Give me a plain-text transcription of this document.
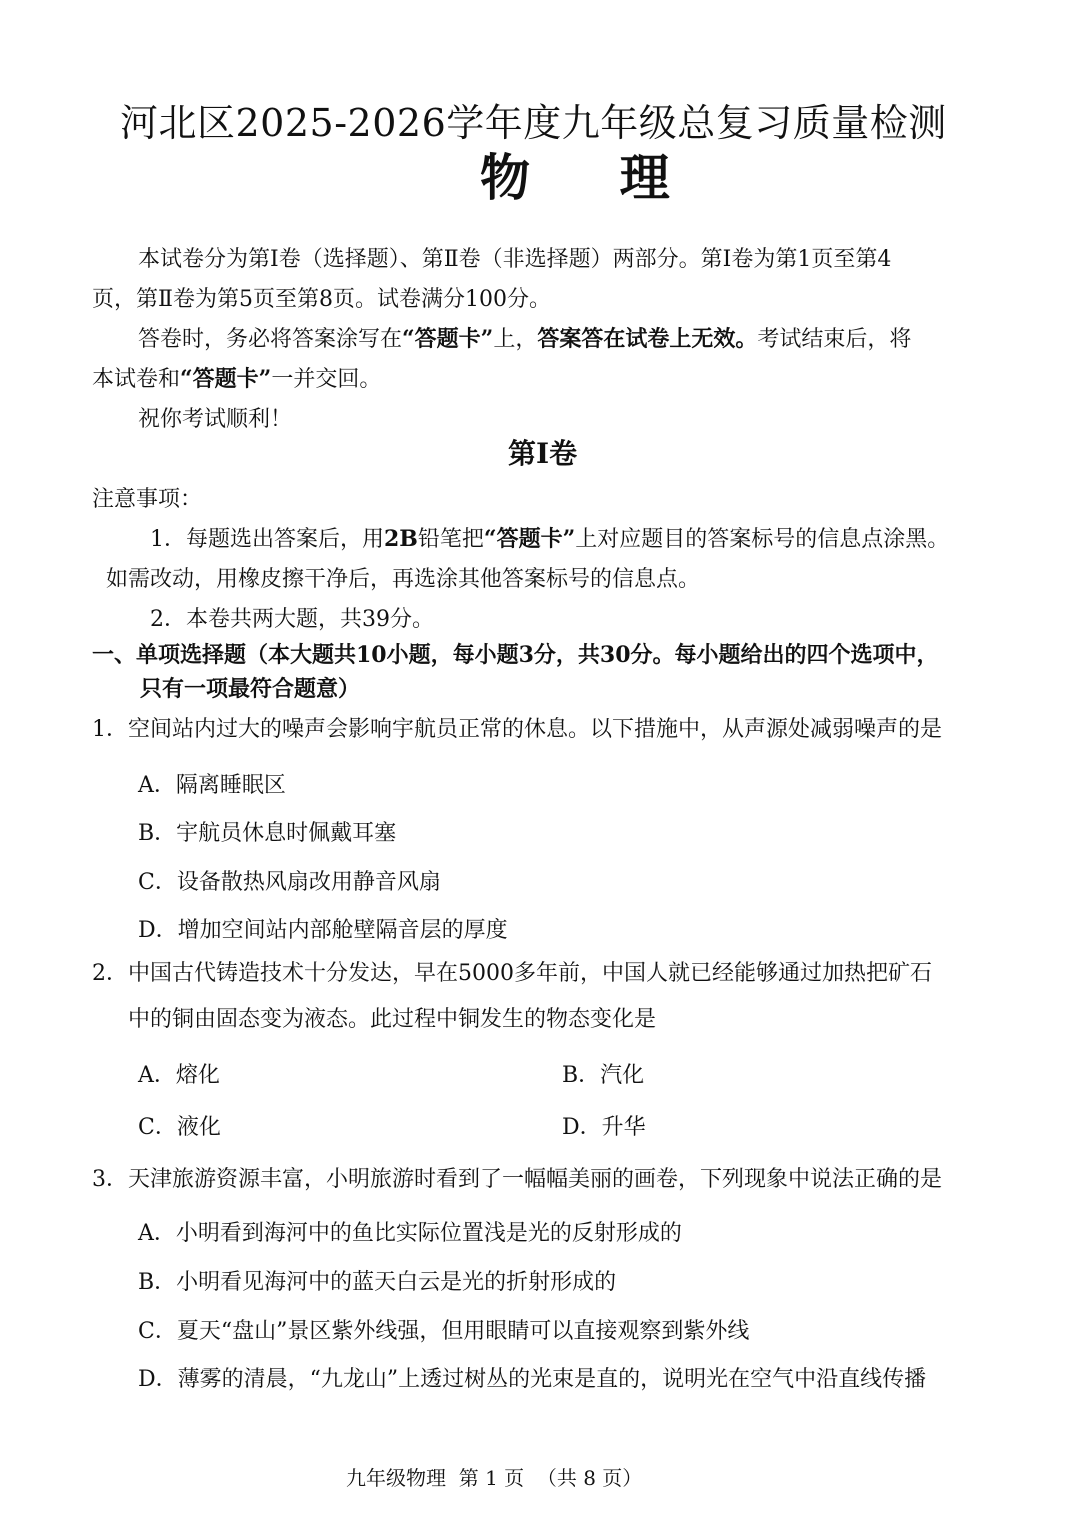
河北区2025-2026学年度九年级总复习质量检测
物    理
本试卷分为第Ⅰ卷（选择题）、第Ⅱ卷（非选择题）两部分。第Ⅰ卷为第1页至第4
页，第Ⅱ卷为第5页至第8页。试卷满分100分。
答卷时，务必将答案涂写在“答题卡”上，答案答在试卷上无效。考试结束后，将
本试卷和“答题卡”一并交回。
祝你考试顺利！
第Ⅰ卷
注意事项：
1．每题选出答案后，用2B铅笔把“答题卡”上对应题目的答案标号的信息点涂黑。
如需改动，用橡皮擦干净后，再选涂其他答案标号的信息点。
2．本卷共两大题，共39分。
一、单项选择题（本大题共10小题，每小题3分，共30分。每小题给出的四个选项中，
只有一项最符合题意）
1．空间站内过大的噪声会影响宇航员正常的休息。以下措施中，从声源处减弱噪声的是
A．隔离睡眠区
B．宇航员休息时佩戴耳塞
C．设备散热风扇改用静音风扇
D．增加空间站内部舱壁隔音层的厚度
2．中国古代铸造技术十分发达，早在5000多年前，中国人就已经能够通过加热把矿石
中的铜由固态变为液态。此过程中铜发生的物态变化是
A．熔化	B．汽化
C．液化	D．升华
3．天津旅游资源丰富，小明旅游时看到了一幅幅美丽的画卷，下列现象中说法正确的是
A．小明看到海河中的鱼比实际位置浅是光的反射形成的
B．小明看见海河中的蓝天白云是光的折射形成的
C．夏天“盘山”景区紫外线强，但用眼睛可以直接观察到紫外线
D．薄雾的清晨，“九龙山”上透过树丛的光束是直的，说明光在空气中沿直线传播
九年级物理  第 1 页  （共 8 页）
